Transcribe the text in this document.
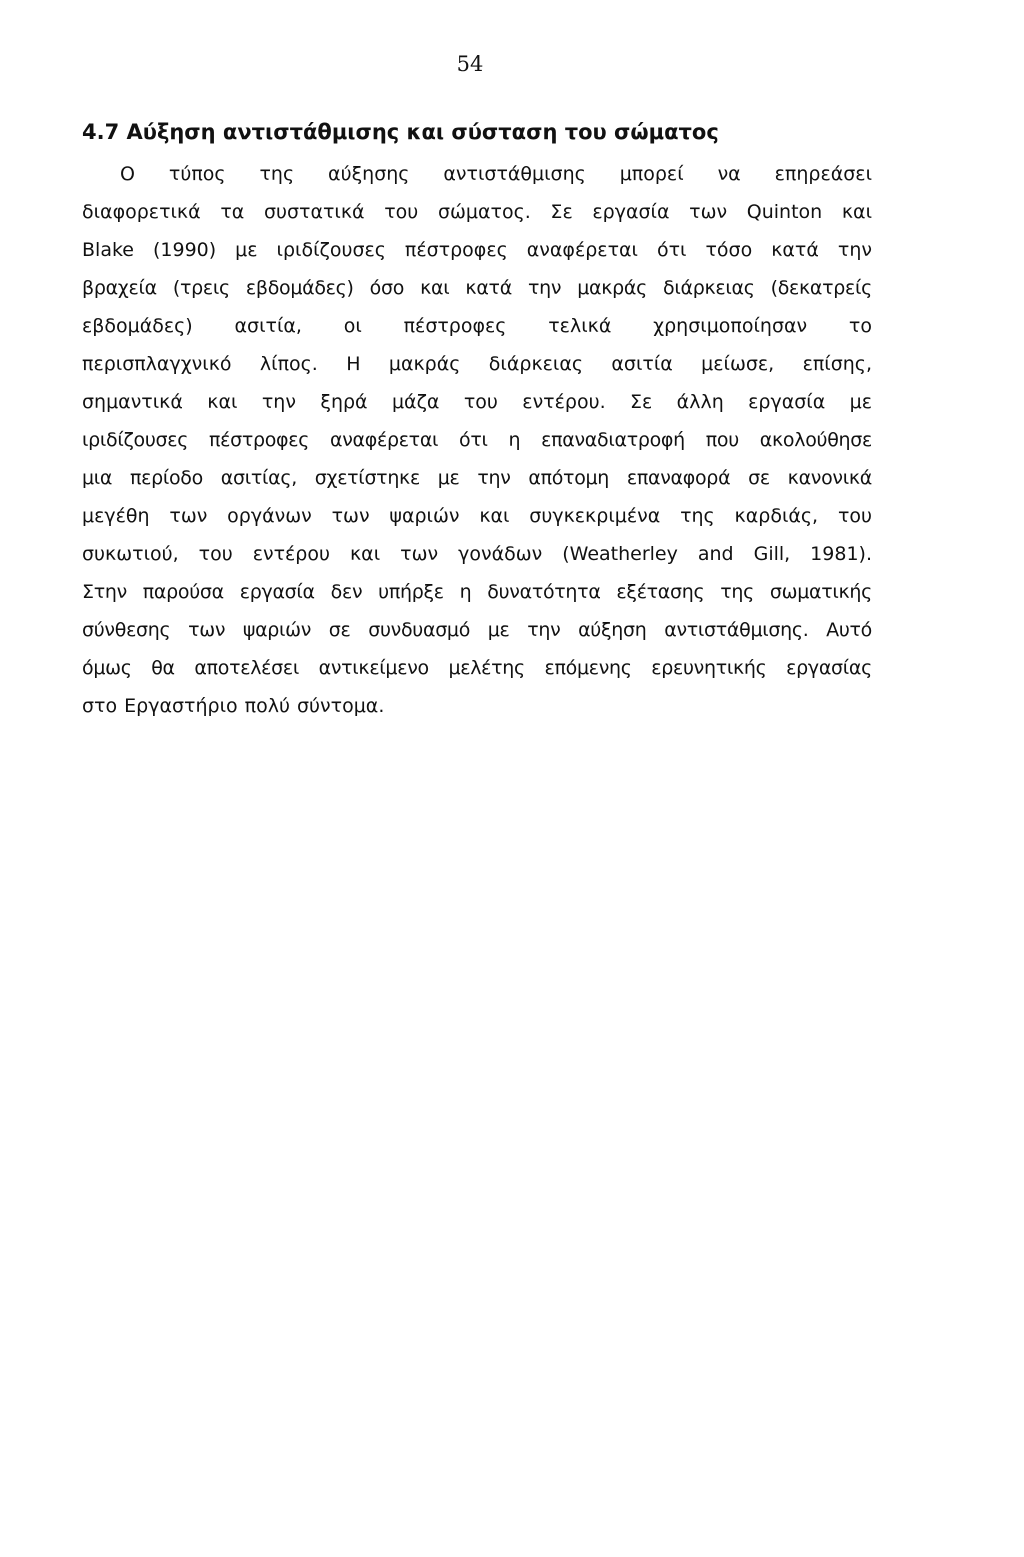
54
4.7 Αύξηση αντιστάθμισης και σύσταση του σώματος
Ο τύπος της αύξησης αντιστάθμισης μπορεί να επηρεάσει
διαφορετικά τα συστατικά του σώματος. Σε εργασία των Quinton και
Blake (1990) με ιριδίζουσες πέστροφες αναφέρεται ότι τόσο κατά την
βραχεία (τρεις εβδομάδες) όσο και κατά την μακράς διάρκειας (δεκατρείς
εβδομάδες) ασιτία, οι πέστροφες τελικά χρησιμοποίησαν το
περισπλαγχνικό λίπος. Η μακράς διάρκειας ασιτία μείωσε, επίσης,
σημαντικά και την ξηρά μάζα του εντέρου. Σε άλλη εργασία με
ιριδίζουσες πέστροφες αναφέρεται ότι η επαναδιατροφή που ακολούθησε
μια περίοδο ασιτίας, σχετίστηκε με την απότομη επαναφορά σε κανονικά
μεγέθη των οργάνων των ψαριών και συγκεκριμένα της καρδιάς, του
συκωτιού, του εντέρου και των γονάδων (Weatherley and Gill, 1981).
Στην παρούσα εργασία δεν υπήρξε η δυνατότητα εξέτασης της σωματικής
σύνθεσης των ψαριών σε συνδυασμό με την αύξηση αντιστάθμισης. Αυτό
όμως θα αποτελέσει αντικείμενο μελέτης επόμενης ερευνητικής εργασίας
στο Εργαστήριο πολύ σύντομα.
